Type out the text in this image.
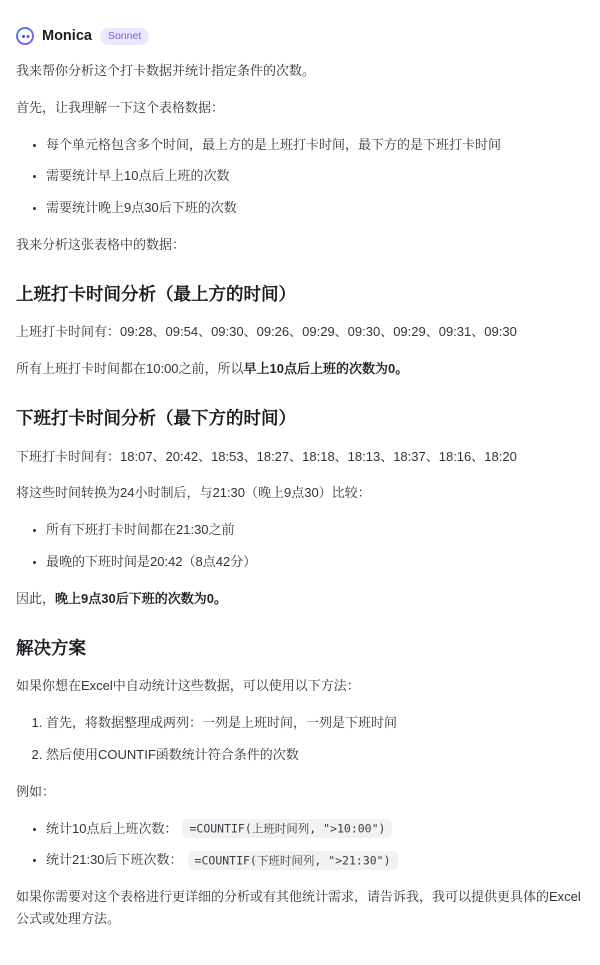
Monica	Sonnet

我来帮你分析这个打卡数据并统计指定条件的次数。

首先，让我理解一下这个表格数据：

• 每个单元格包含多个时间，最上方的是上班打卡时间，最下方的是下班打卡时间
• 需要统计早上10点后上班的次数
• 需要统计晚上9点30后下班的次数

我来分析这张表格中的数据：

上班打卡时间分析（最上方的时间）

上班打卡时间有：09:28、09:54、09:30、09:26、09:29、09:30、09:29、09:31、09:30

所有上班打卡时间都在10:00之前，所以早上10点后上班的次数为0。

下班打卡时间分析（最下方的时间）

下班打卡时间有：18:07、20:42、18:53、18:27、18:18、18:13、18:37、18:16、18:20

将这些时间转换为24小时制后，与21:30（晚上9点30）比较：

• 所有下班打卡时间都在21:30之前
• 最晚的下班时间是20:42（8点42分）

因此，晚上9点30后下班的次数为0。

解决方案

如果你想在Excel中自动统计这些数据，可以使用以下方法：

1. 首先，将数据整理成两列：一列是上班时间，一列是下班时间
2. 然后使用COUNTIF函数统计符合条件的次数

例如：

• 统计10点后上班次数： =COUNTIF(上班时间列, ">10:00")
• 统计21:30后下班次数： =COUNTIF(下班时间列, ">21:30")

如果你需要对这个表格进行更详细的分析或有其他统计需求，请告诉我，我可以提供更具体的Excel公式或处理方法。
